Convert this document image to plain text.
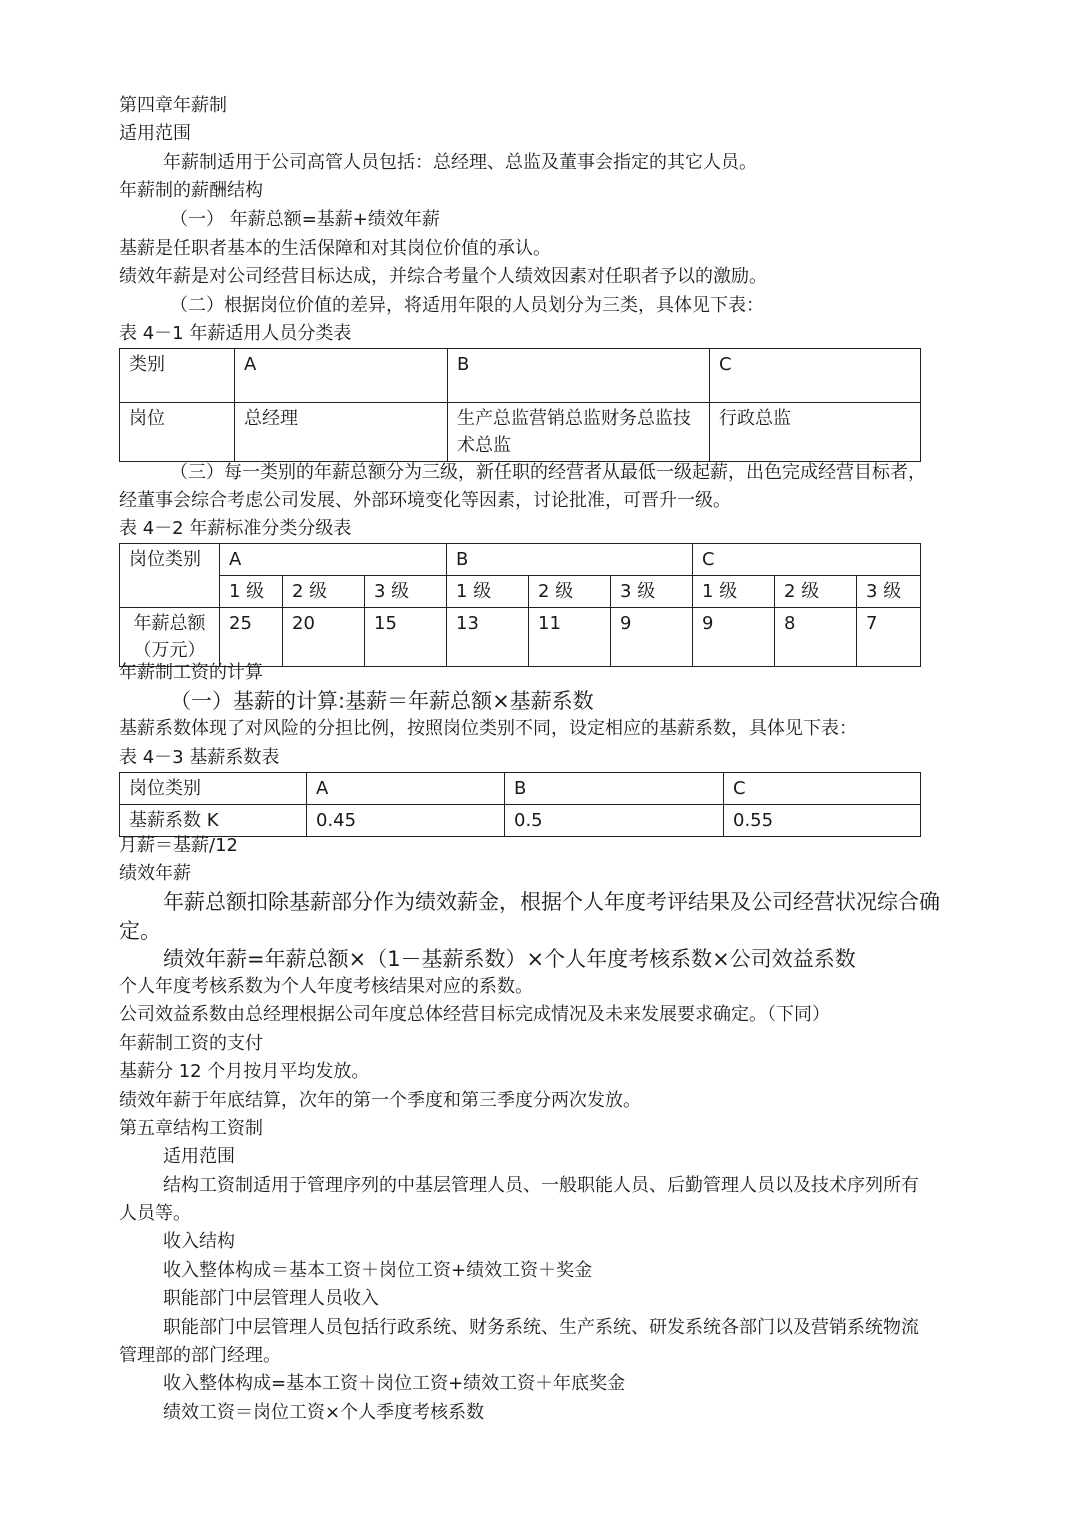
第四章年薪制
适用范围
年薪制适用于公司高管人员包括：总经理、总监及董事会指定的其它人员。
年薪制的薪酬结构
（一） 年薪总额=基薪+绩效年薪
基薪是任职者基本的生活保障和对其岗位价值的承认。
绩效年薪是对公司经营目标达成，并综合考量个人绩效因素对任职者予以的激励。
（二）根据岗位价值的差异，将适用年限的人员划分为三类，具体见下表：
表 4－1 年薪适用人员分类表
类别	A	B	C
岗位	总经理	生产总监营销总监财务总监技术总监	行政总监
（三）每一类别的年薪总额分为三级，新任职的经营者从最低一级起薪，出色完成经营目标者，
经董事会综合考虑公司发展、外部环境变化等因素，讨论批准，可晋升一级。
表 4－2 年薪标准分类分级表
岗位类别	A			B			C		
	1 级	2 级	3 级	1 级	2 级	3 级	1 级	2 级	3 级
年薪总额（万元）	25	20	15	13	11	9	9	8	7
年薪制工资的计算
（一）基薪的计算:基薪＝年薪总额×基薪系数
基薪系数体现了对风险的分担比例，按照岗位类别不同，设定相应的基薪系数，具体见下表：
表 4－3 基薪系数表
岗位类别	A	B	C
基薪系数 K	0.45	0.5	0.55
月薪＝基薪/12
绩效年薪
年薪总额扣除基薪部分作为绩效薪金，根据个人年度考评结果及公司经营状况综合确
定。
绩效年薪=年薪总额×（1－基薪系数）×个人年度考核系数×公司效益系数
个人年度考核系数为个人年度考核结果对应的系数。
公司效益系数由总经理根据公司年度总体经营目标完成情况及未来发展要求确定。（下同）
年薪制工资的支付
基薪分 12 个月按月平均发放。
绩效年薪于年底结算，次年的第一个季度和第三季度分两次发放。
第五章结构工资制
适用范围
结构工资制适用于管理序列的中基层管理人员、一般职能人员、后勤管理人员以及技术序列所有
人员等。
收入结构
收入整体构成＝基本工资＋岗位工资+绩效工资＋奖金
职能部门中层管理人员收入
职能部门中层管理人员包括行政系统、财务系统、生产系统、研发系统各部门以及营销系统物流
管理部的部门经理。
收入整体构成=基本工资＋岗位工资+绩效工资＋年底奖金
绩效工资＝岗位工资×个人季度考核系数
